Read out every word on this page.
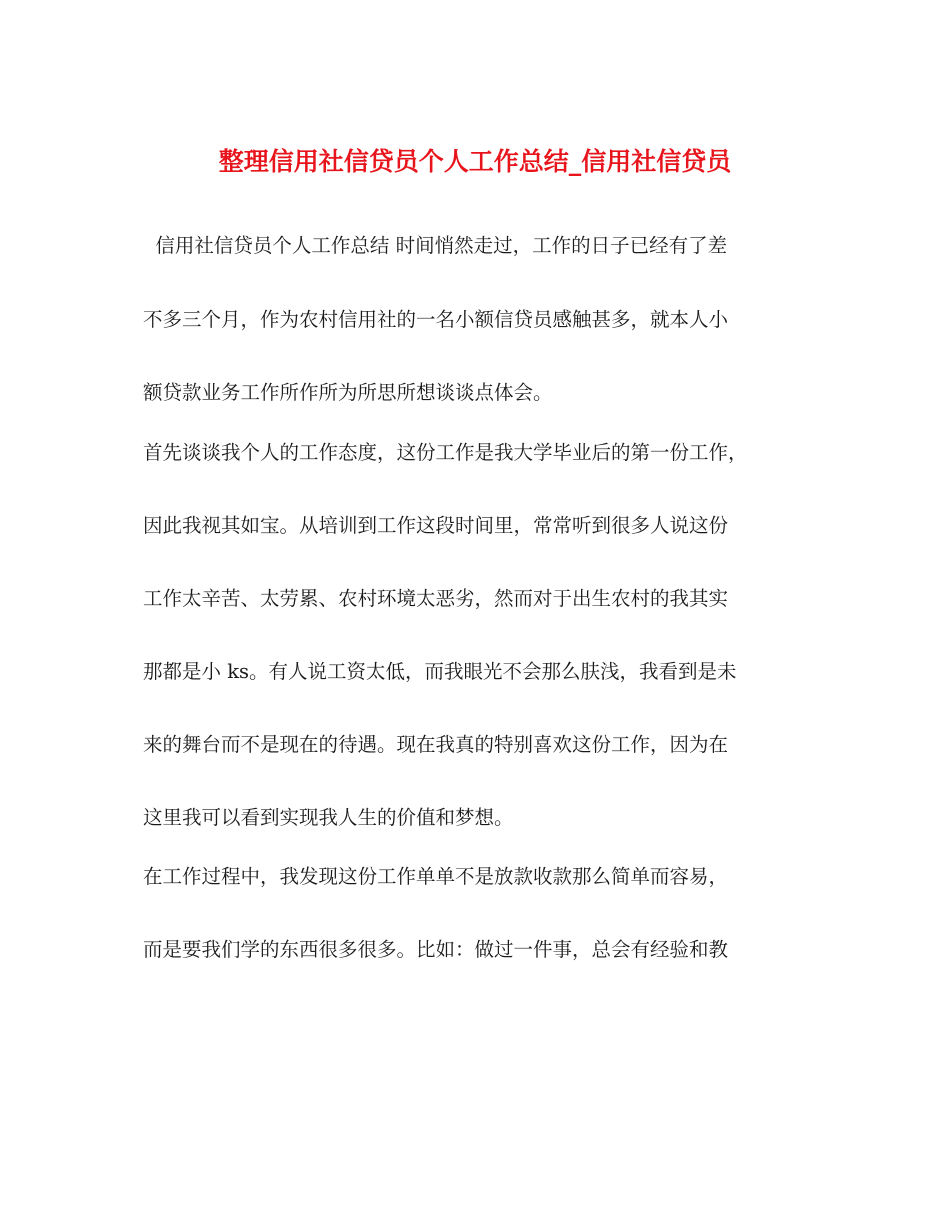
整理信用社信贷员个人工作总结_信用社信贷员
信用社信贷员个人工作总结 时间悄然走过，工作的日子已经有了差
不多三个月，作为农村信用社的一名小额信贷员感触甚多，就本人小
额贷款业务工作所作所为所思所想谈谈点体会。
首先谈谈我个人的工作态度，这份工作是我大学毕业后的第一份工作，
因此我视其如宝。从培训到工作这段时间里，常常听到很多人说这份
工作太辛苦、太劳累、农村环境太恶劣，然而对于出生农村的我其实
那都是小 ks。有人说工资太低，而我眼光不会那么肤浅，我看到是未
来的舞台而不是现在的待遇。现在我真的特别喜欢这份工作，因为在
这里我可以看到实现我人生的价值和梦想。
在工作过程中，我发现这份工作单单不是放款收款那么简单而容易，
而是要我们学的东西很多很多。比如：做过一件事，总会有经验和教
